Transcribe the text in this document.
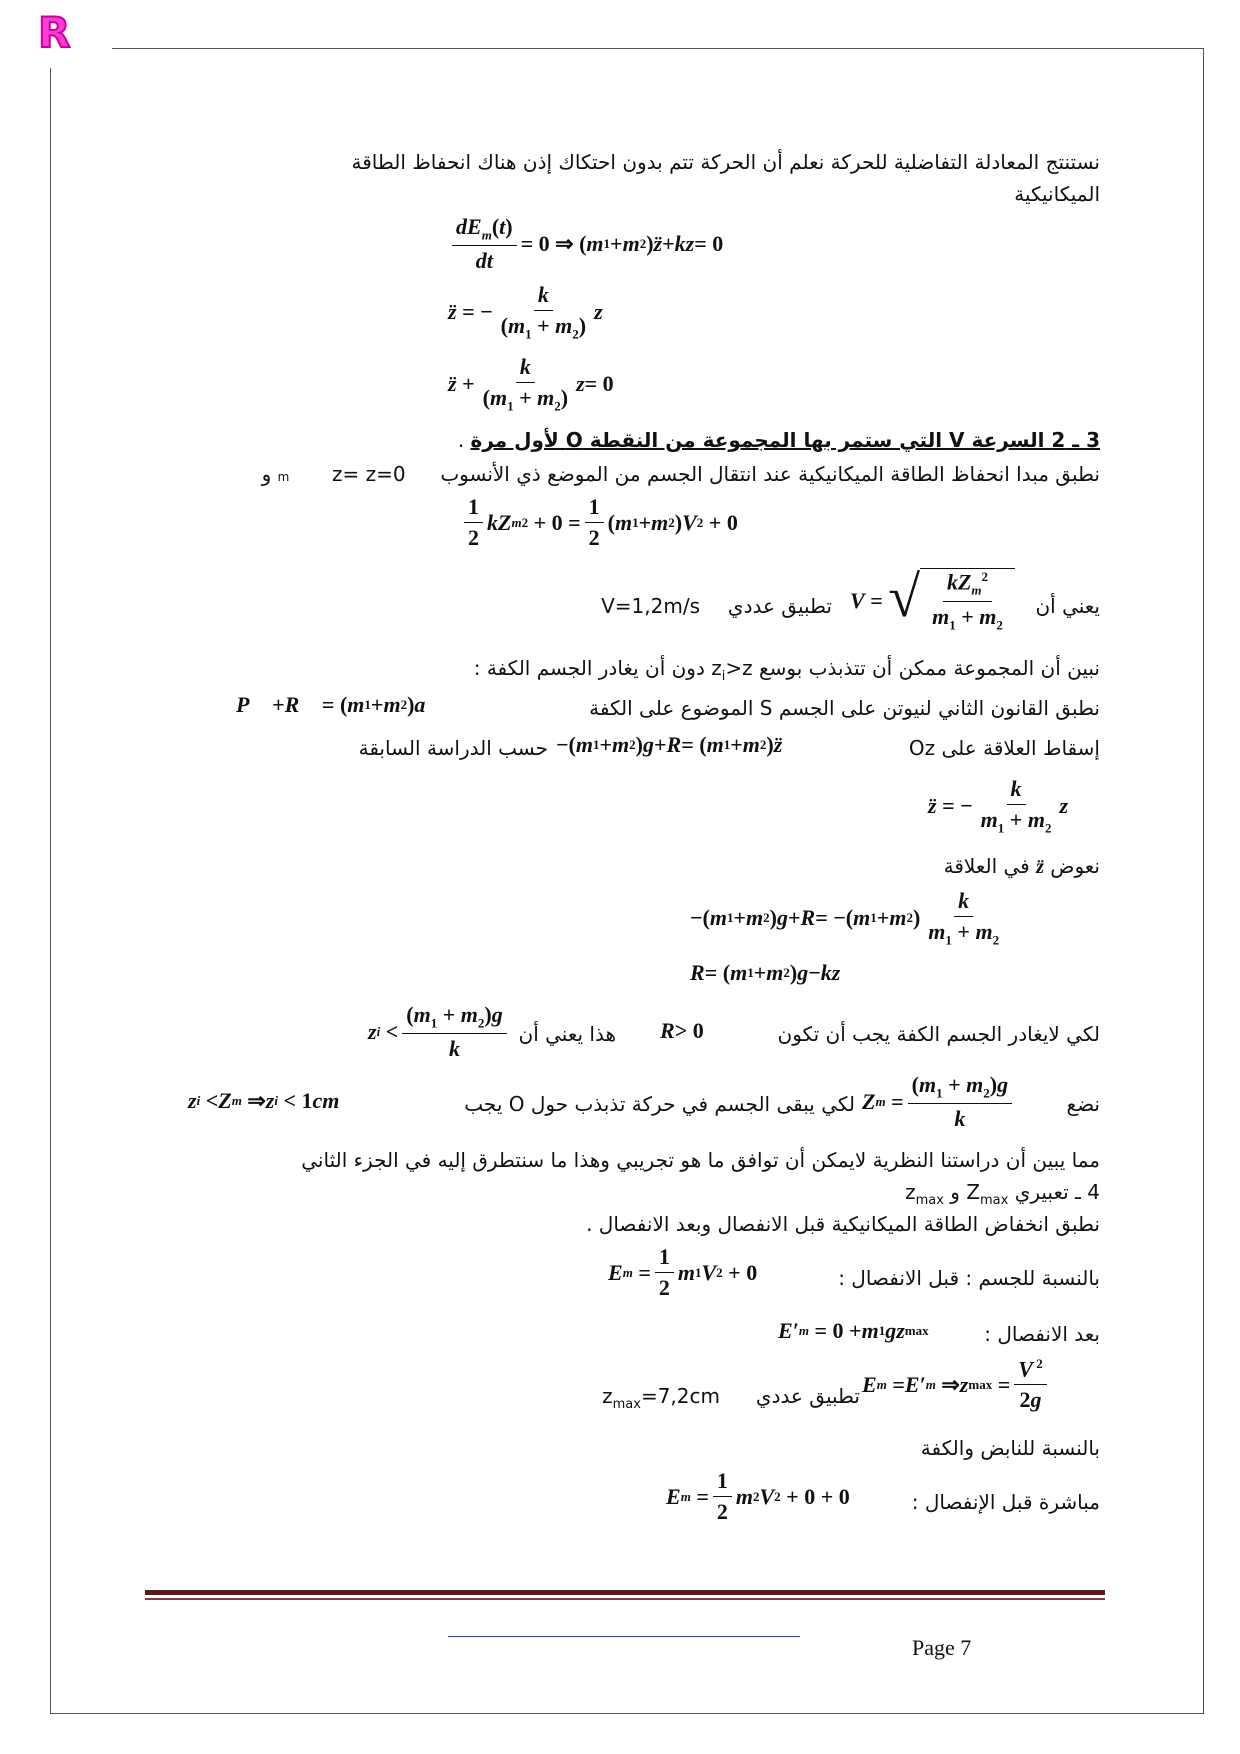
R
نستنتج المعادلة التفاضلية للحركة نعلم أن الحركة تتم بدون احتكاك إذن هناك انحفاظ الطاقة
الميكانيكية
$\frac{dE_m(t)}{dt} = 0$ ⇒ ( m 1 + m 2 ) z̈ + kz = 0
z̈ = − $\frac{k}{(m_1 + m_2)}$ z
z̈ + $\frac{k}{(m_1 + m_2)}$ z = 0
3 ـ 2 السرعة V التي ستمر بها المجموعة من النقطة O لأول مرة .
نطبق مبدا انحفاظ الطاقة الميكانيكية عند انتقال الجسم من الموضع ذي الأنسوب  m z= z=0 و
$\frac{1}{2}$ kZ m $2 + 0 = \frac{1}{2}$ ( m 1 + m 2 ) V 2 + 0
يعني أن
V = √ $\frac{kZ_m^2}{m_1 + m_2}$
تطبيق عددي
V=1,2m/s
نبين أن المجموعة ممكن أن تتذبذب بوسع $z_i>z$ دون أن يغادر الجسم الكفة :
نطبق القانون الثاني لنيوتن على الجسم S الموضوع على الكفة
P⃗ + R⃗ = ( m 1 + m 2 ) a⃗
إسقاط العلاقة على Oz
−( m 1 + m 2 ) g + R = ( m 1 + m 2 ) z̈
حسب الدراسة السابقة
z̈ = − $\frac{k}{m_1 + m_2}$ z
نعوض z̈ في العلاقة
−( m 1 + m 2 ) g + R = −( m 1 + m 2 ) $\frac{k}{m_1 + m_2}$
R = ( m 1 + m 2 ) g − kz
لكي لايغادر الجسم الكفة يجب أن تكون
R > 0
هذا يعني أن
z $i < \frac{(m_1 + m_2)g}{k}$
نضع
Z $m = \frac{(m_1 + m_2)g}{k}$
لكي يبقى الجسم في حركة تذبذب حول O يجب
z i < Z m ⇒ z i < 1 cm
مما يبين أن دراستنا النظرية لايمكن أن توافق ما هو تجريبي وهذا ما سنتطرق إليه في الجزء الثاني
4 ـ تعبيري $Z_{max}$ و $z_{max}$
نطبق انخفاض الطاقة الميكانيكية قبل الانفصال وبعد الانفصال .
بالنسبة للجسم : قبل الانفصال :
E $m = \frac{1}{2}$ m 1 V 2 + 0
بعد الانفصال :
E′ m = 0 + m 1 gz max
$z_{max}=7,2cm$ تطبيق عددي E m = E′ m ⇒ z $\max = \frac{V ^2}{2g}$
بالنسبة للنابض والكفة
مباشرة قبل الإنفصال :
E $m = \frac{1}{2}$ m 2 V 2 + 0 + 0
Page 7
